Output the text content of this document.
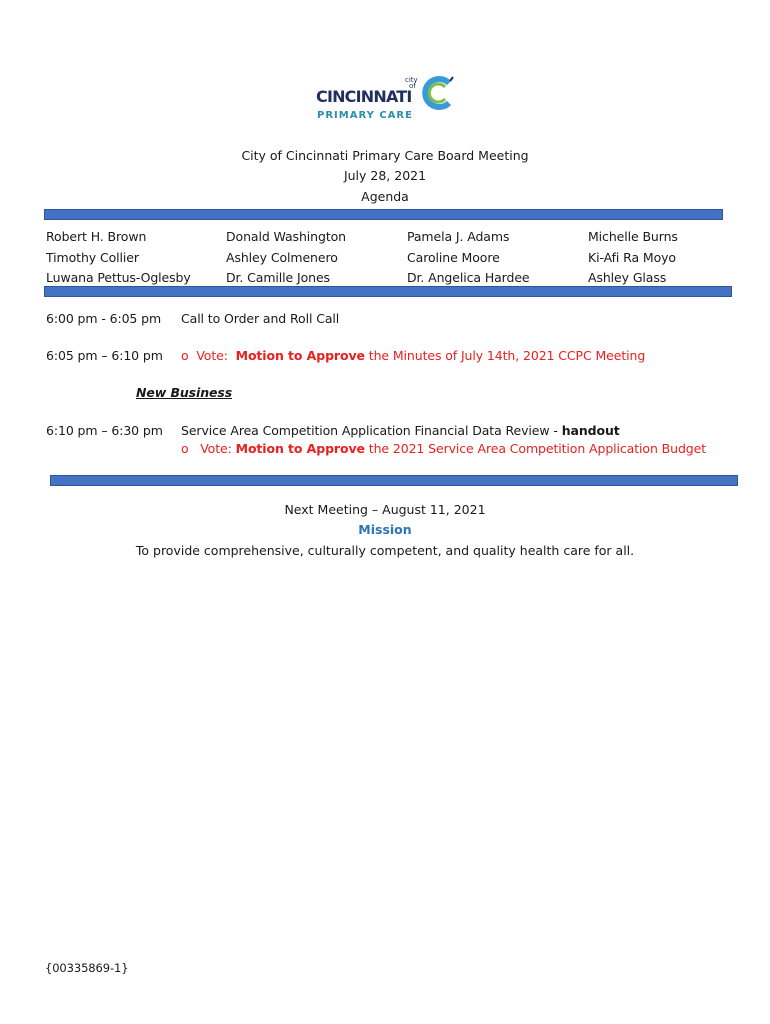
city
of
CINCINNATI
PRIMARY CARE
City of Cincinnati Primary Care Board Meeting
July 28, 2021
Agenda
Robert H. Brown
Timothy Collier
Luwana Pettus-Oglesby
Donald Washington
Ashley Colmenero
Dr. Camille Jones
Pamela J. Adams
Caroline Moore
Dr. Angelica Hardee
Michelle Burns
Ki-Afi Ra Moyo
Ashley Glass
6:00 pm - 6:05 pm Call to Order and Roll Call
6:05 pm – 6:10 pm o Vote: Motion to Approve the Minutes of July 14th, 2021 CCPC Meeting
New Business
6:10 pm – 6:30 pm Service Area Competition Application Financial Data Review - handout
o Vote: Motion to Approve the 2021 Service Area Competition Application Budget
Next Meeting – August 11, 2021
Mission
To provide comprehensive, culturally competent, and quality health care for all.
{00335869-1}
